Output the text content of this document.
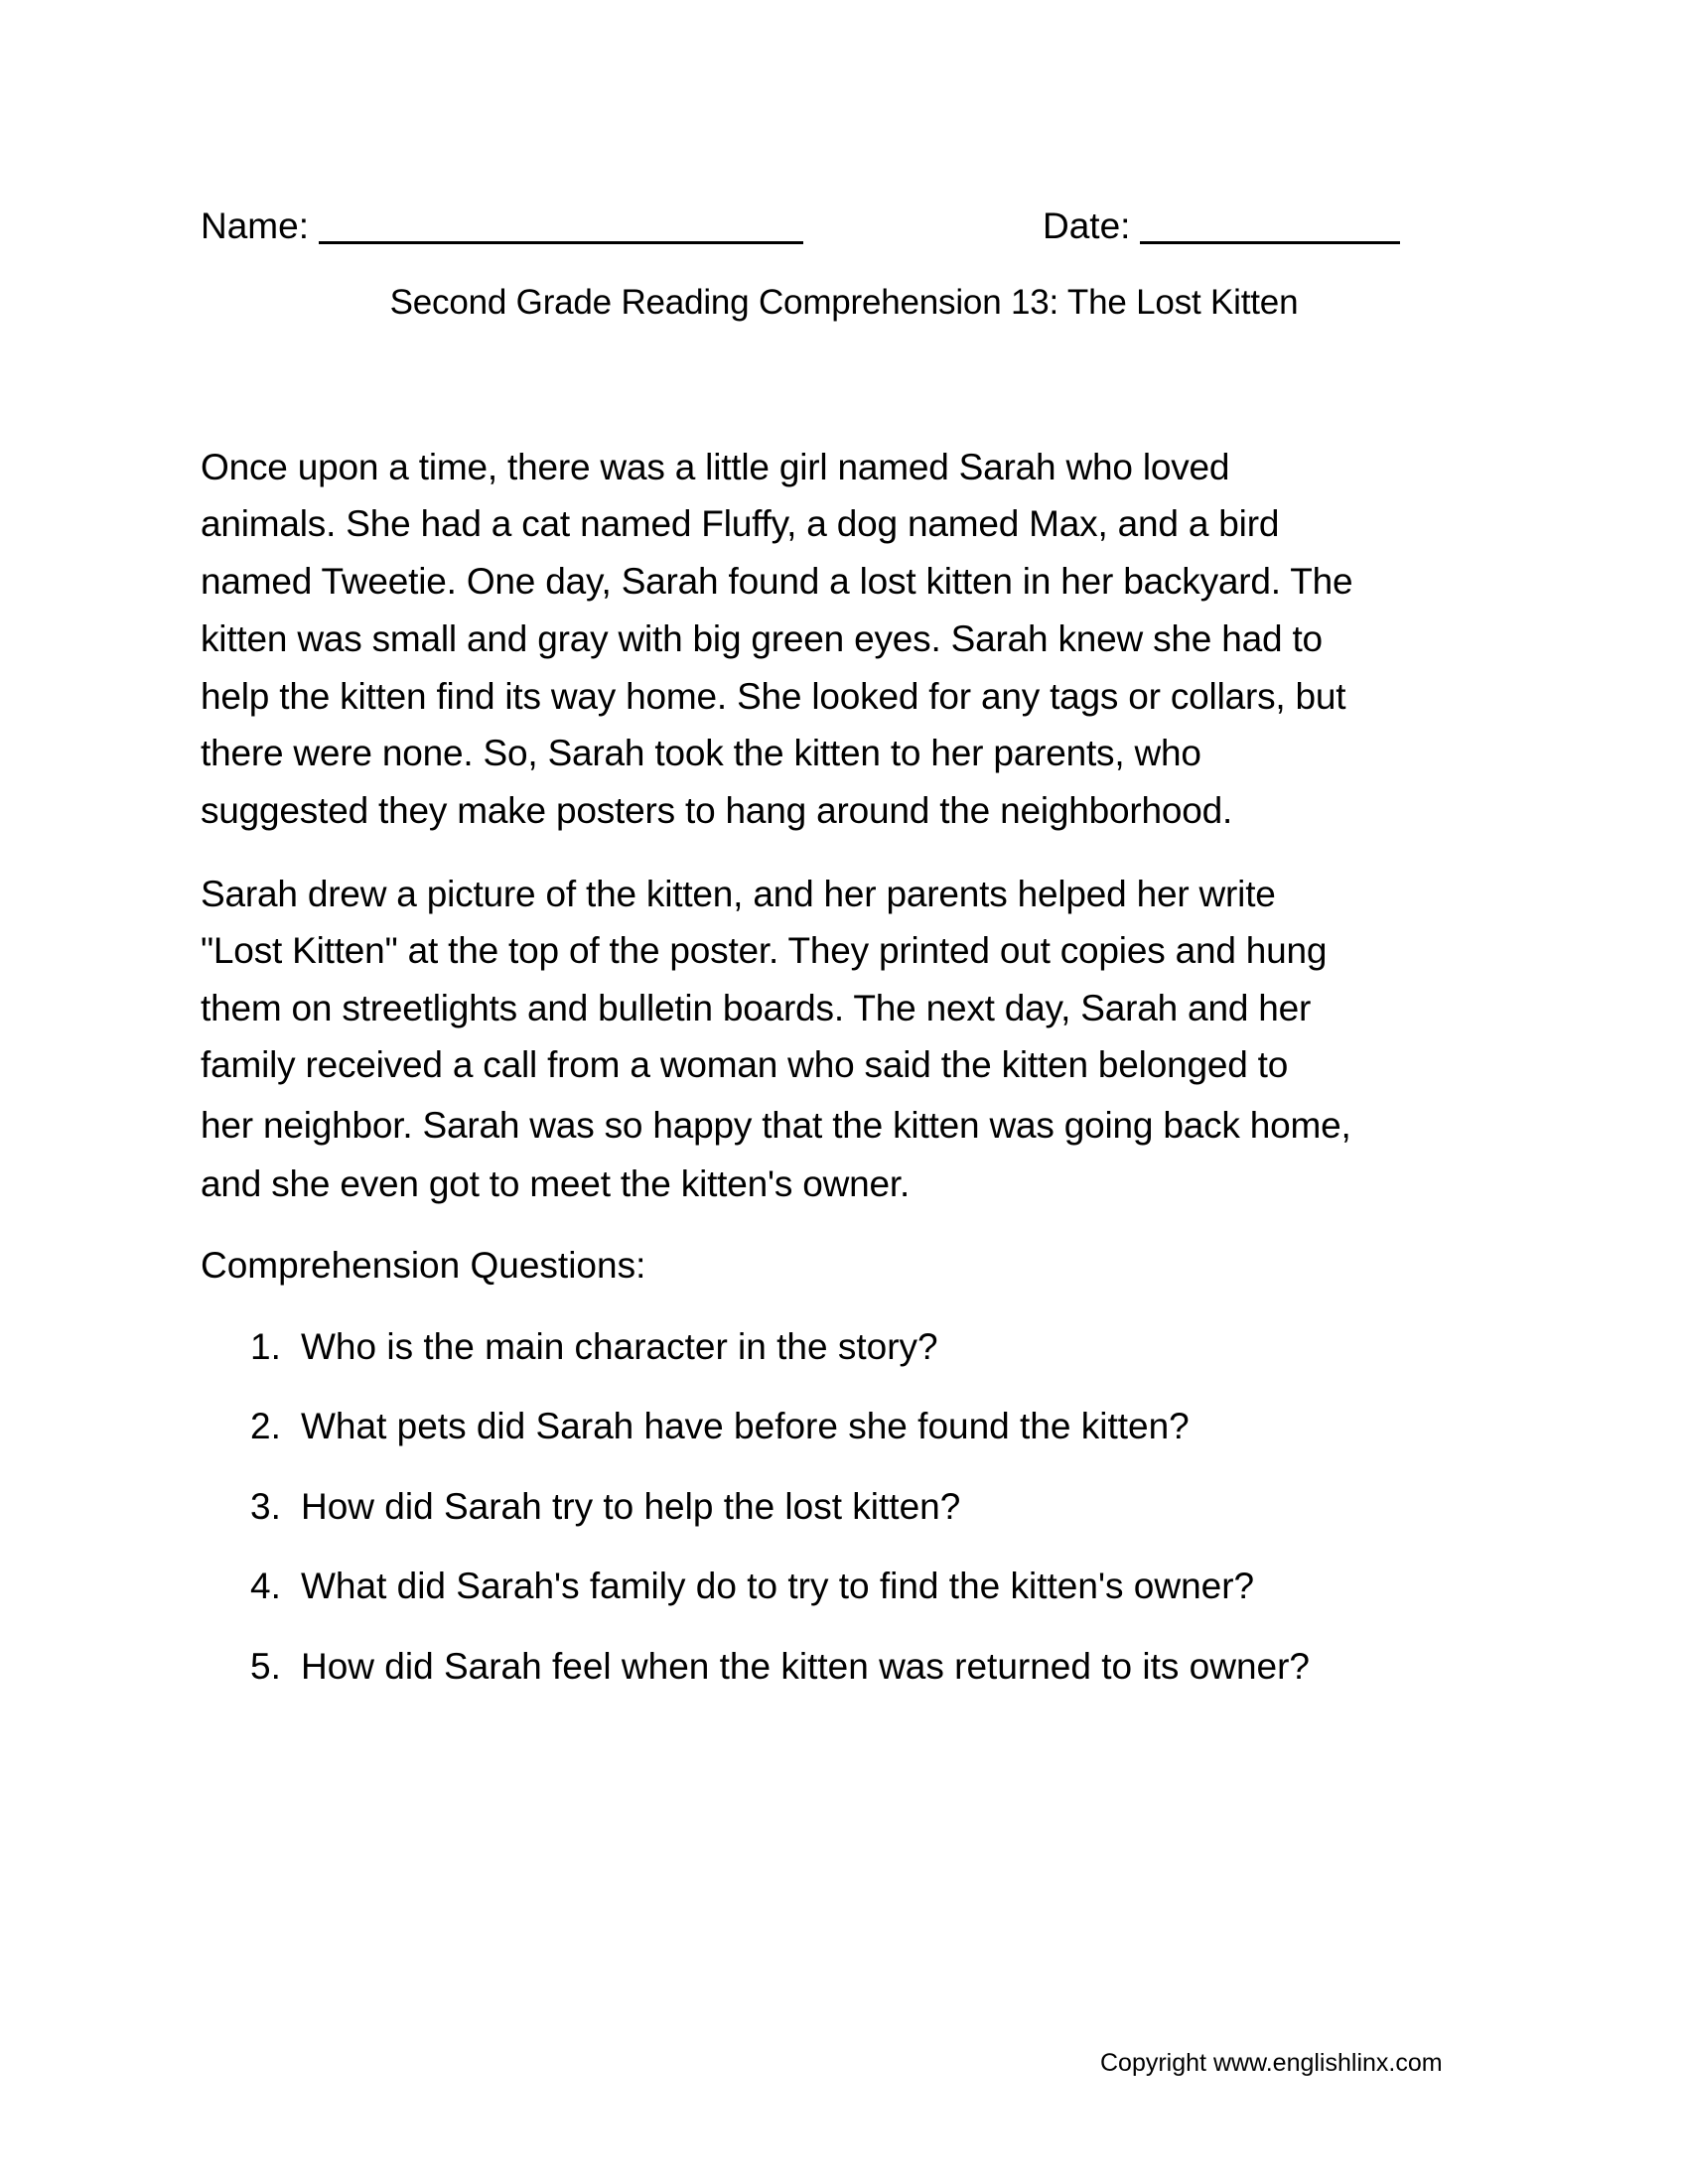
Name:	Date:
Second Grade Reading Comprehension 13: The Lost Kitten
Once upon a time, there was a little girl named Sarah who loved
animals. She had a cat named Fluffy, a dog named Max, and a bird
named Tweetie. One day, Sarah found a lost kitten in her backyard. The
kitten was small and gray with big green eyes. Sarah knew she had to
help the kitten find its way home. She looked for any tags or collars, but
there were none. So, Sarah took the kitten to her parents, who
suggested they make posters to hang around the neighborhood.
Sarah drew a picture of the kitten, and her parents helped her write
"Lost Kitten" at the top of the poster. They printed out copies and hung
them on streetlights and bulletin boards. The next day, Sarah and her
family received a call from a woman who said the kitten belonged to
her neighbor. Sarah was so happy that the kitten was going back home,
and she even got to meet the kitten's owner.
Comprehension Questions:
1. Who is the main character in the story?
2. What pets did Sarah have before she found the kitten?
3. How did Sarah try to help the lost kitten?
4. What did Sarah's family do to try to find the kitten's owner?
5. How did Sarah feel when the kitten was returned to its owner?
Copyright www.englishlinx.com
